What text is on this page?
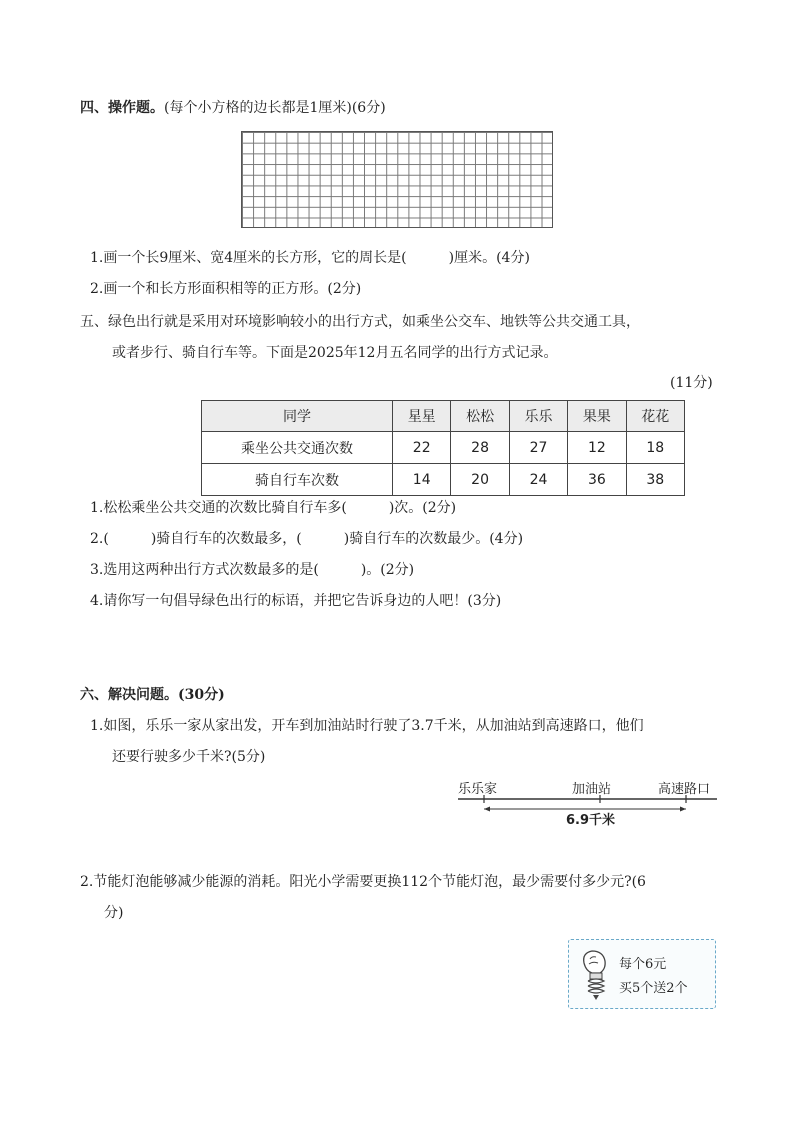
四、操作题。(每个小方格的边长都是1厘米)(6分)
1.画一个长9厘米、宽4厘米的长方形，它的周长是(　　　)厘米。(4分)
2.画一个和长方形面积相等的正方形。(2分)
五、绿色出行就是采用对环境影响较小的出行方式，如乘坐公交车、地铁等公共交通工具，
或者步行、骑自行车等。下面是2025年12月五名同学的出行方式记录。
(11分)
同学	星星	松松	乐乐	果果	花花
乘坐公共交通次数	22	28	27	12	18
骑自行车次数	14	20	24	36	38
1.松松乘坐公共交通的次数比骑自行车多(　　　)次。(2分)
2.(　　　)骑自行车的次数最多，(　　　)骑自行车的次数最少。(4分)
3.选用这两种出行方式次数最多的是(　　　)。(2分)
4.请你写一句倡导绿色出行的标语，并把它告诉身边的人吧！(3分)
六、解决问题。(30分)
1.如图，乐乐一家从家出发，开车到加油站时行驶了3.7千米，从加油站到高速路口，他们
还要行驶多少千米?(5分)
乐乐家	加油站	高速路口
6.9千米
2.节能灯泡能够减少能源的消耗。阳光小学需要更换112个节能灯泡，最少需要付多少元?(6
分)
每个6元
买5个送2个
